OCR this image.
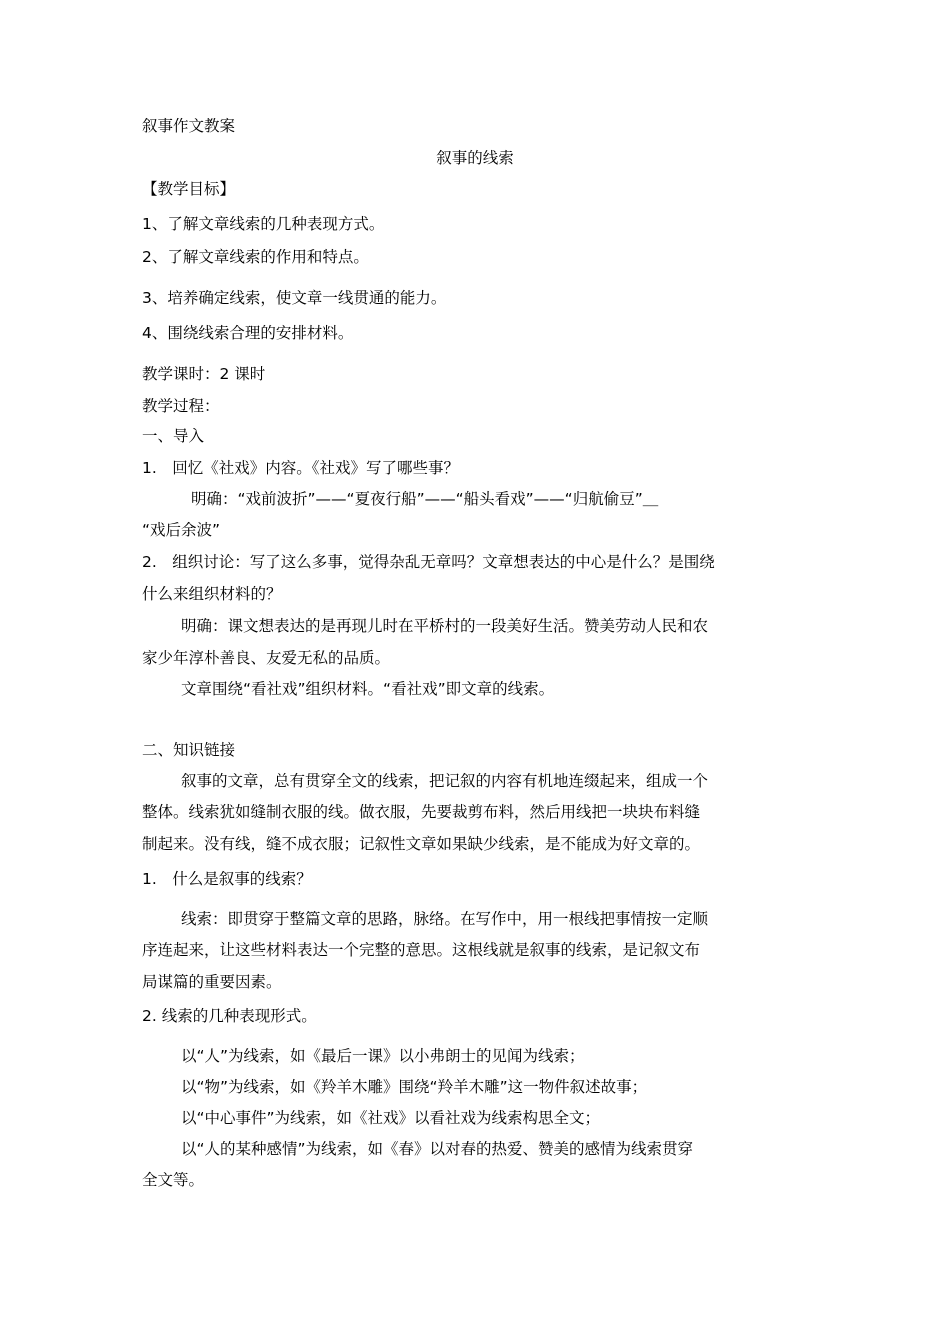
叙事作文教案
叙事的线索
【教学目标】
1、了解文章线索的几种表现方式。
2、了解文章线索的作用和特点。
3、培养确定线索，使文章一线贯通的能力。
4、围绕线索合理的安排材料。
教学课时：2 课时
教学过程：
一、导入
1.　回忆《社戏》内容。《社戏》写了哪些事？
明确：“戏前波折”——“夏夜行船”——“船头看戏”——“归航偷豆”＿
“戏后余波”
2.　组织讨论：写了这么多事，觉得杂乱无章吗？文章想表达的中心是什么？是围绕
什么来组织材料的？
明确：课文想表达的是再现儿时在平桥村的一段美好生活。赞美劳动人民和农
家少年淳朴善良、友爱无私的品质。
文章围绕“看社戏”组织材料。“看社戏”即文章的线索。
二、知识链接
叙事的文章，总有贯穿全文的线索，把记叙的内容有机地连缀起来，组成一个
整体。线索犹如缝制衣服的线。做衣服，先要裁剪布料，然后用线把一块块布料缝
制起来。没有线，缝不成衣服；记叙性文章如果缺少线索，是不能成为好文章的。
1.　什么是叙事的线索？
线索：即贯穿于整篇文章的思路，脉络。在写作中，用一根线把事情按一定顺
序连起来，让这些材料表达一个完整的意思。这根线就是叙事的线索，是记叙文布
局谋篇的重要因素。
2. 线索的几种表现形式。
以“人”为线索，如《最后一课》以小弗朗士的见闻为线索；
以“物”为线索，如《羚羊木雕》围绕“羚羊木雕”这一物件叙述故事；
以“中心事件”为线索，如《社戏》以看社戏为线索构思全文；
以“人的某种感情”为线索，如《春》以对春的热爱、赞美的感情为线索贯穿
全文等。
